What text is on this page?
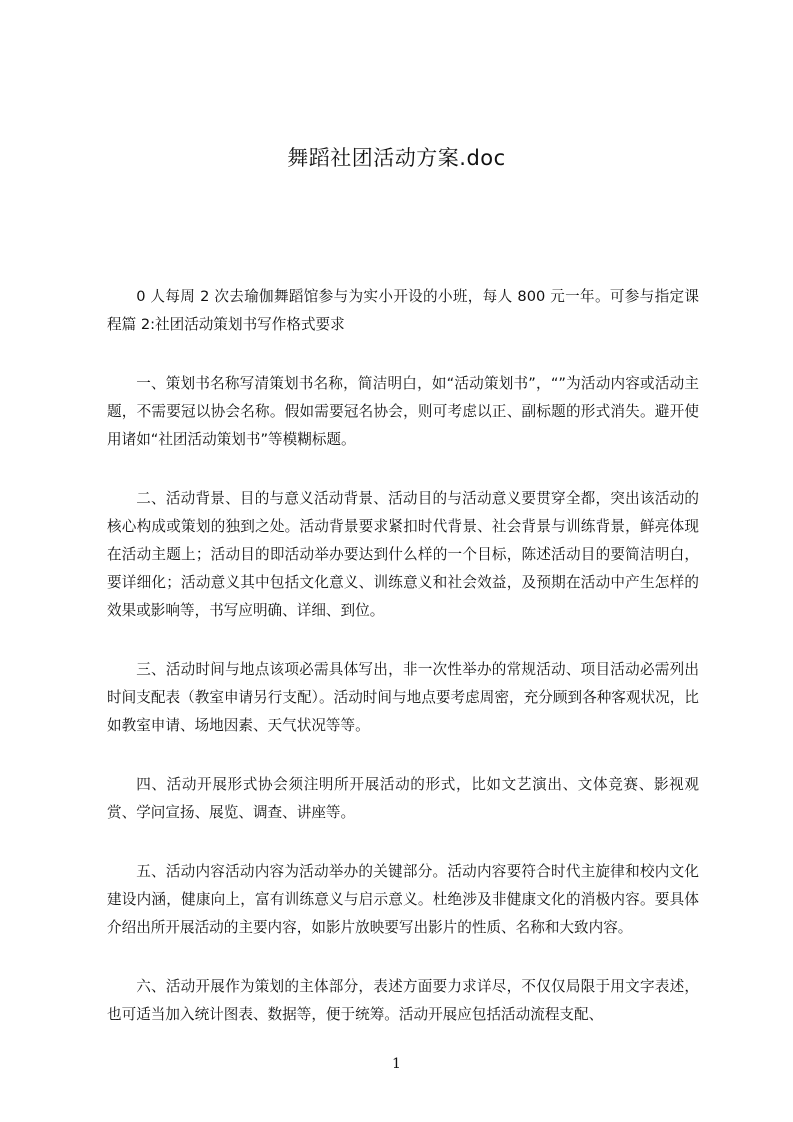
舞蹈社团活动方案.doc

0 人每周 2 次去瑜伽舞蹈馆参与为实小开设的小班，每人 800 元一年。可参与指定课程篇 2:社团活动策划书写作格式要求

一、策划书名称写清策划书名称，简洁明白，如“活动策划书”，“”为活动内容或活动主题，不需要冠以协会名称。假如需要冠名协会，则可考虑以正、副标题的形式消失。避开使用诸如“社团活动策划书”等模糊标题。

二、活动背景、目的与意义活动背景、活动目的与活动意义要贯穿全都，突出该活动的核心构成或策划的独到之处。活动背景要求紧扣时代背景、社会背景与训练背景，鲜亮体现在活动主题上；活动目的即活动举办要达到什么样的一个目标，陈述活动目的要简洁明白，要详细化；活动意义其中包括文化意义、训练意义和社会效益，及预期在活动中产生怎样的效果或影响等，书写应明确、详细、到位。

三、活动时间与地点该项必需具体写出，非一次性举办的常规活动、项目活动必需列出时间支配表（教室申请另行支配）。活动时间与地点要考虑周密，充分顾到各种客观状况，比如教室申请、场地因素、天气状况等等。

四、活动开展形式协会须注明所开展活动的形式，比如文艺演出、文体竞赛、影视观赏、学问宣扬、展览、调查、讲座等。

五、活动内容活动内容为活动举办的关键部分。活动内容要符合时代主旋律和校内文化建设内涵，健康向上，富有训练意义与启示意义。杜绝涉及非健康文化的消极内容。要具体介绍出所开展活动的主要内容，如影片放映要写出影片的性质、名称和大致内容。

六、活动开展作为策划的主体部分，表述方面要力求详尽，不仅仅局限于用文字表述，也可适当加入统计图表、数据等，便于统筹。活动开展应包括活动流程支配、

1
